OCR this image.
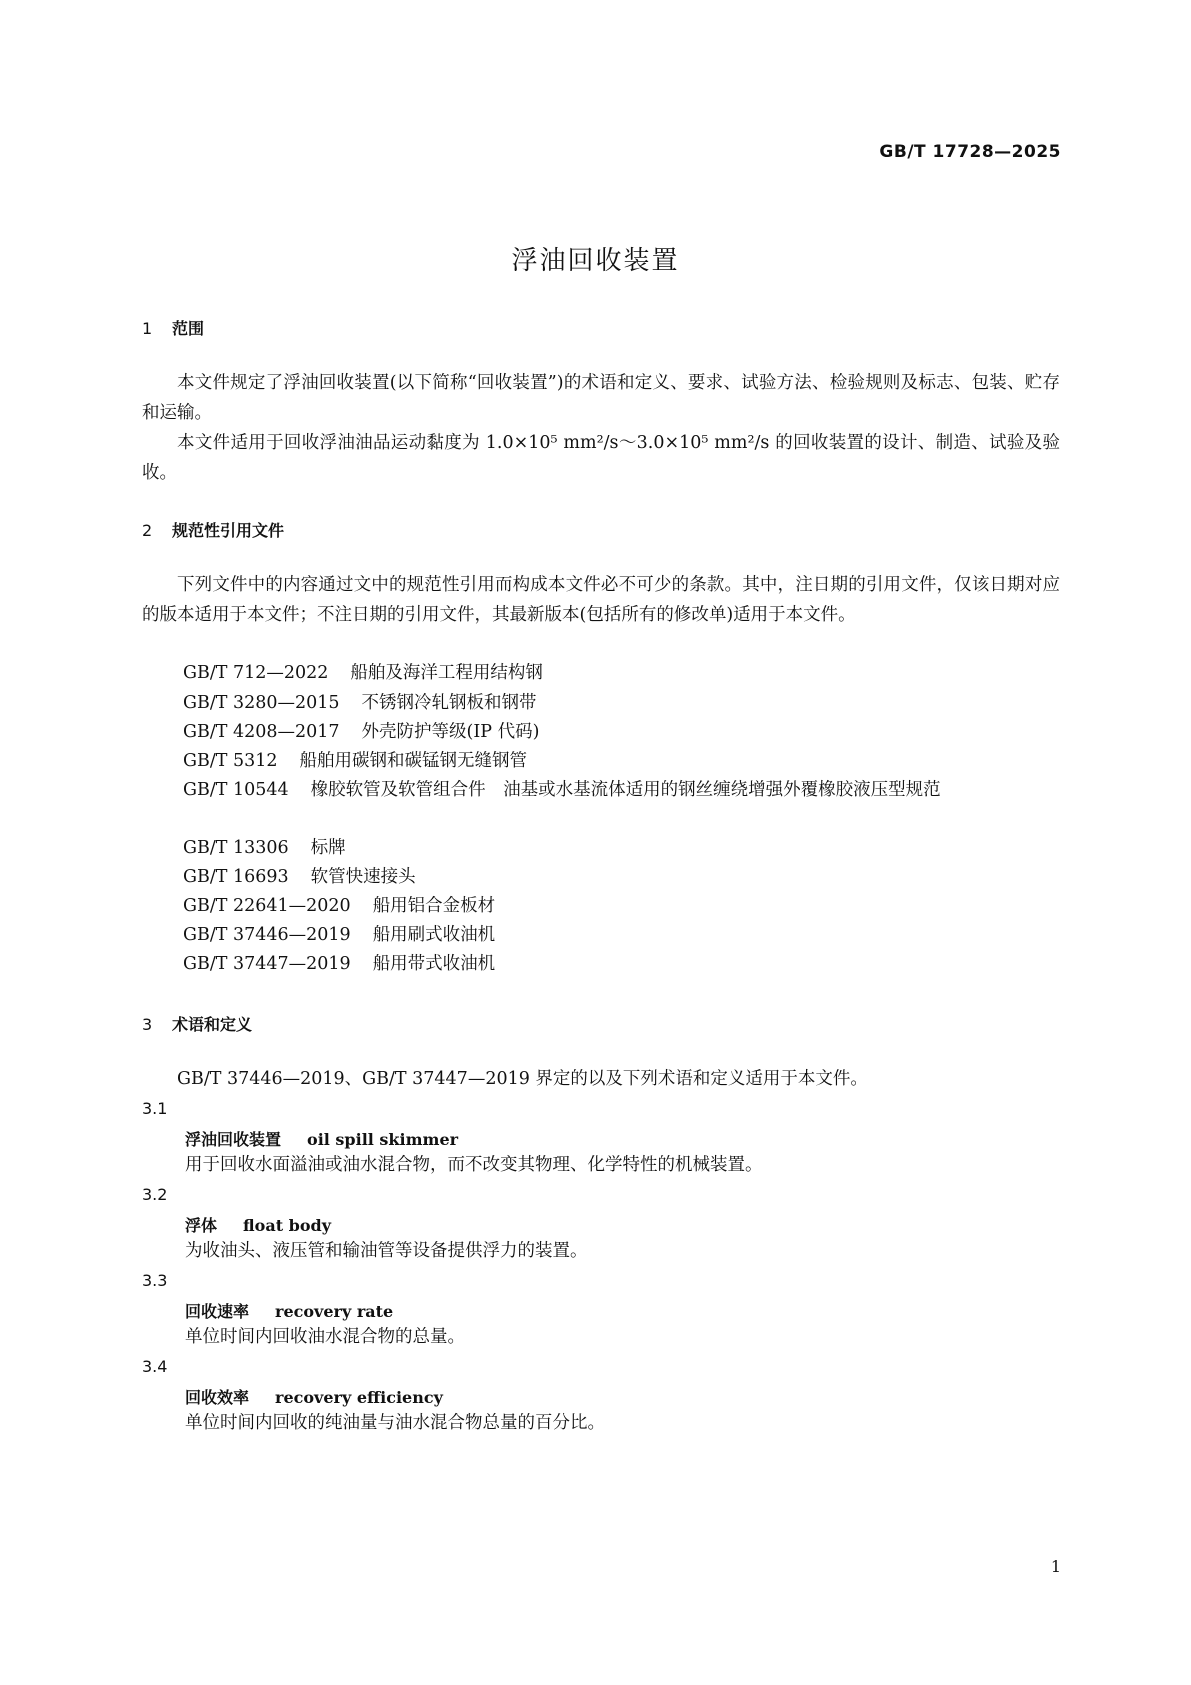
GB/T 17728—2025
浮油回收装置
1 范围
本文件规定了浮油回收装置(以下简称“回收装置”)的术语和定义、要求、试验方法、检验规则及标志、包装、贮存和运输。
本文件适用于回收浮油油品运动黏度为 1.0×10⁵ mm²/s～3.0×10⁵ mm²/s 的回收装置的设计、制造、试验及验收。
2 规范性引用文件
下列文件中的内容通过文中的规范性引用而构成本文件必不可少的条款。其中，注日期的引用文件，仅该日期对应的版本适用于本文件；不注日期的引用文件，其最新版本(包括所有的修改单)适用于本文件。
GB/T 712—2022 船舶及海洋工程用结构钢
GB/T 3280—2015 不锈钢冷轧钢板和钢带
GB/T 4208—2017 外壳防护等级(IP 代码)
GB/T 5312 船舶用碳钢和碳锰钢无缝钢管
GB/T 10544 橡胶软管及软管组合件　油基或水基流体适用的钢丝缠绕增强外覆橡胶液压型规范
GB/T 13306 标牌
GB/T 16693 软管快速接头
GB/T 22641—2020 船用铝合金板材
GB/T 37446—2019 船用刷式收油机
GB/T 37447—2019 船用带式收油机
3 术语和定义
GB/T 37446—2019、GB/T 37447—2019 界定的以及下列术语和定义适用于本文件。
3.1
浮油回收装置 oil spill skimmer
用于回收水面溢油或油水混合物，而不改变其物理、化学特性的机械装置。
3.2
浮体 float body
为收油头、液压管和输油管等设备提供浮力的装置。
3.3
回收速率 recovery rate
单位时间内回收油水混合物的总量。
3.4
回收效率 recovery efficiency
单位时间内回收的纯油量与油水混合物总量的百分比。
1
